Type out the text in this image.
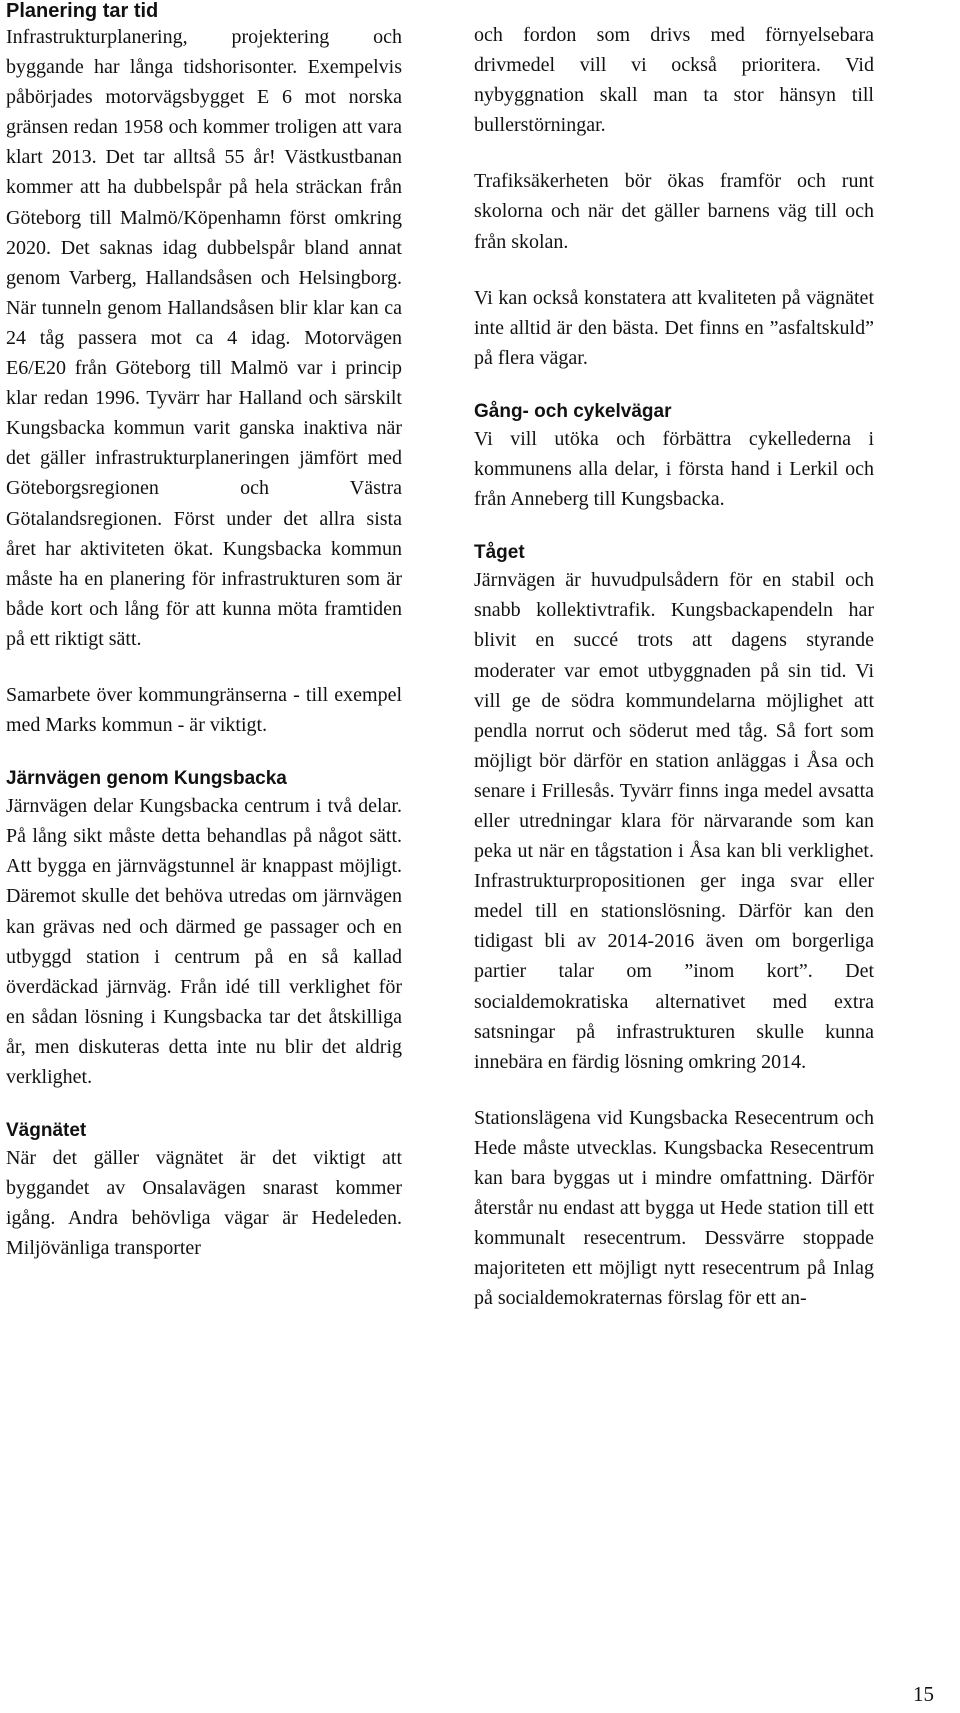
Planering tar tid

Infrastrukturplanering, projektering och byggande har långa tidshorisonter. Exempelvis påbörjades motorvägsbygget E 6 mot norska gränsen redan 1958 och kommer troligen att vara klart 2013. Det tar alltså 55 år! Västkustbanan kommer att ha dubbelspår på hela sträckan från Göteborg till Malmö/Köpenhamn först omkring 2020. Det saknas idag dubbelspår bland annat genom Varberg, Hallandsåsen och Helsingborg. När tunneln genom Hallandsåsen blir klar kan ca 24 tåg passera mot ca 4 idag. Motorvägen E6/E20 från Göteborg till Malmö var i princip klar redan 1996. Tyvärr har Halland och särskilt Kungsbacka kommun varit ganska inaktiva när det gäller infrastrukturplaneringen jämfört med Göteborgsregionen och Västra Götalandsregionen. Först under det allra sista året har aktiviteten ökat. Kungsbacka kommun måste ha en planering för infrastrukturen som är både kort och lång för att kunna möta framtiden på ett riktigt sätt.

Samarbete över kommungränserna - till exempel med Marks kommun - är viktigt.

Järnvägen genom Kungsbacka

Järnvägen delar Kungsbacka centrum i två delar. På lång sikt måste detta behandlas på något sätt. Att bygga en järnvägstunnel är knappast möjligt. Däremot skulle det behöva utredas om järnvägen kan grävas ned och därmed ge passager och en utbyggd station i centrum på en så kallad överdäckad järnväg. Från idé till verklighet för en sådan lösning i Kungsbacka tar det åtskilliga år, men diskuteras detta inte nu blir det aldrig verklighet.

Vägnätet

När det gäller vägnätet är det viktigt att byggandet av Onsalavägen snarast kommer igång. Andra behövliga vägar är Hedeleden. Miljövänliga transporter

och fordon som drivs med förnyelsebara drivmedel vill vi också prioritera. Vid nybyggnation skall man ta stor hänsyn till bullerstörningar.

Trafiksäkerheten bör ökas framför och runt skolorna och när det gäller barnens väg till och från skolan.

Vi kan också konstatera att kvaliteten på vägnätet inte alltid är den bästa. Det finns en ”asfaltskuld” på flera vägar.

Gång- och cykelvägar

Vi vill utöka och förbättra cykellederna i kommunens alla delar, i första hand i Lerkil och från Anneberg till Kungsbacka.

Tåget

Järnvägen är huvudpulsådern för en stabil och snabb kollektivtrafik. Kungsbackapendeln har blivit en succé trots att dagens styrande moderater var emot utbyggnaden på sin tid. Vi vill ge de södra kommundelarna möjlighet att pendla norrut och söderut med tåg. Så fort som möjligt bör därför en station anläggas i Åsa och senare i Frillesås. Tyvärr finns inga medel avsatta eller utredningar klara för närvarande som kan peka ut när en tågstation i Åsa kan bli verklighet. Infrastrukturpropositionen ger inga svar eller medel till en stationslösning. Därför kan den tidigast bli av 2014-2016 även om borgerliga partier talar om ”inom kort”. Det socialdemokratiska alternativet med extra satsningar på infrastrukturen skulle kunna innebära en färdig lösning omkring 2014.

Stationslägena vid Kungsbacka Resecentrum och Hede måste utvecklas. Kungsbacka Resecentrum kan bara byggas ut i mindre omfattning. Därför återstår nu endast att bygga ut Hede station till ett kommunalt resecentrum. Dessvärre stoppade majoriteten ett möjligt nytt resecentrum på Inlag på socialdemokraternas förslag för ett an-

15
